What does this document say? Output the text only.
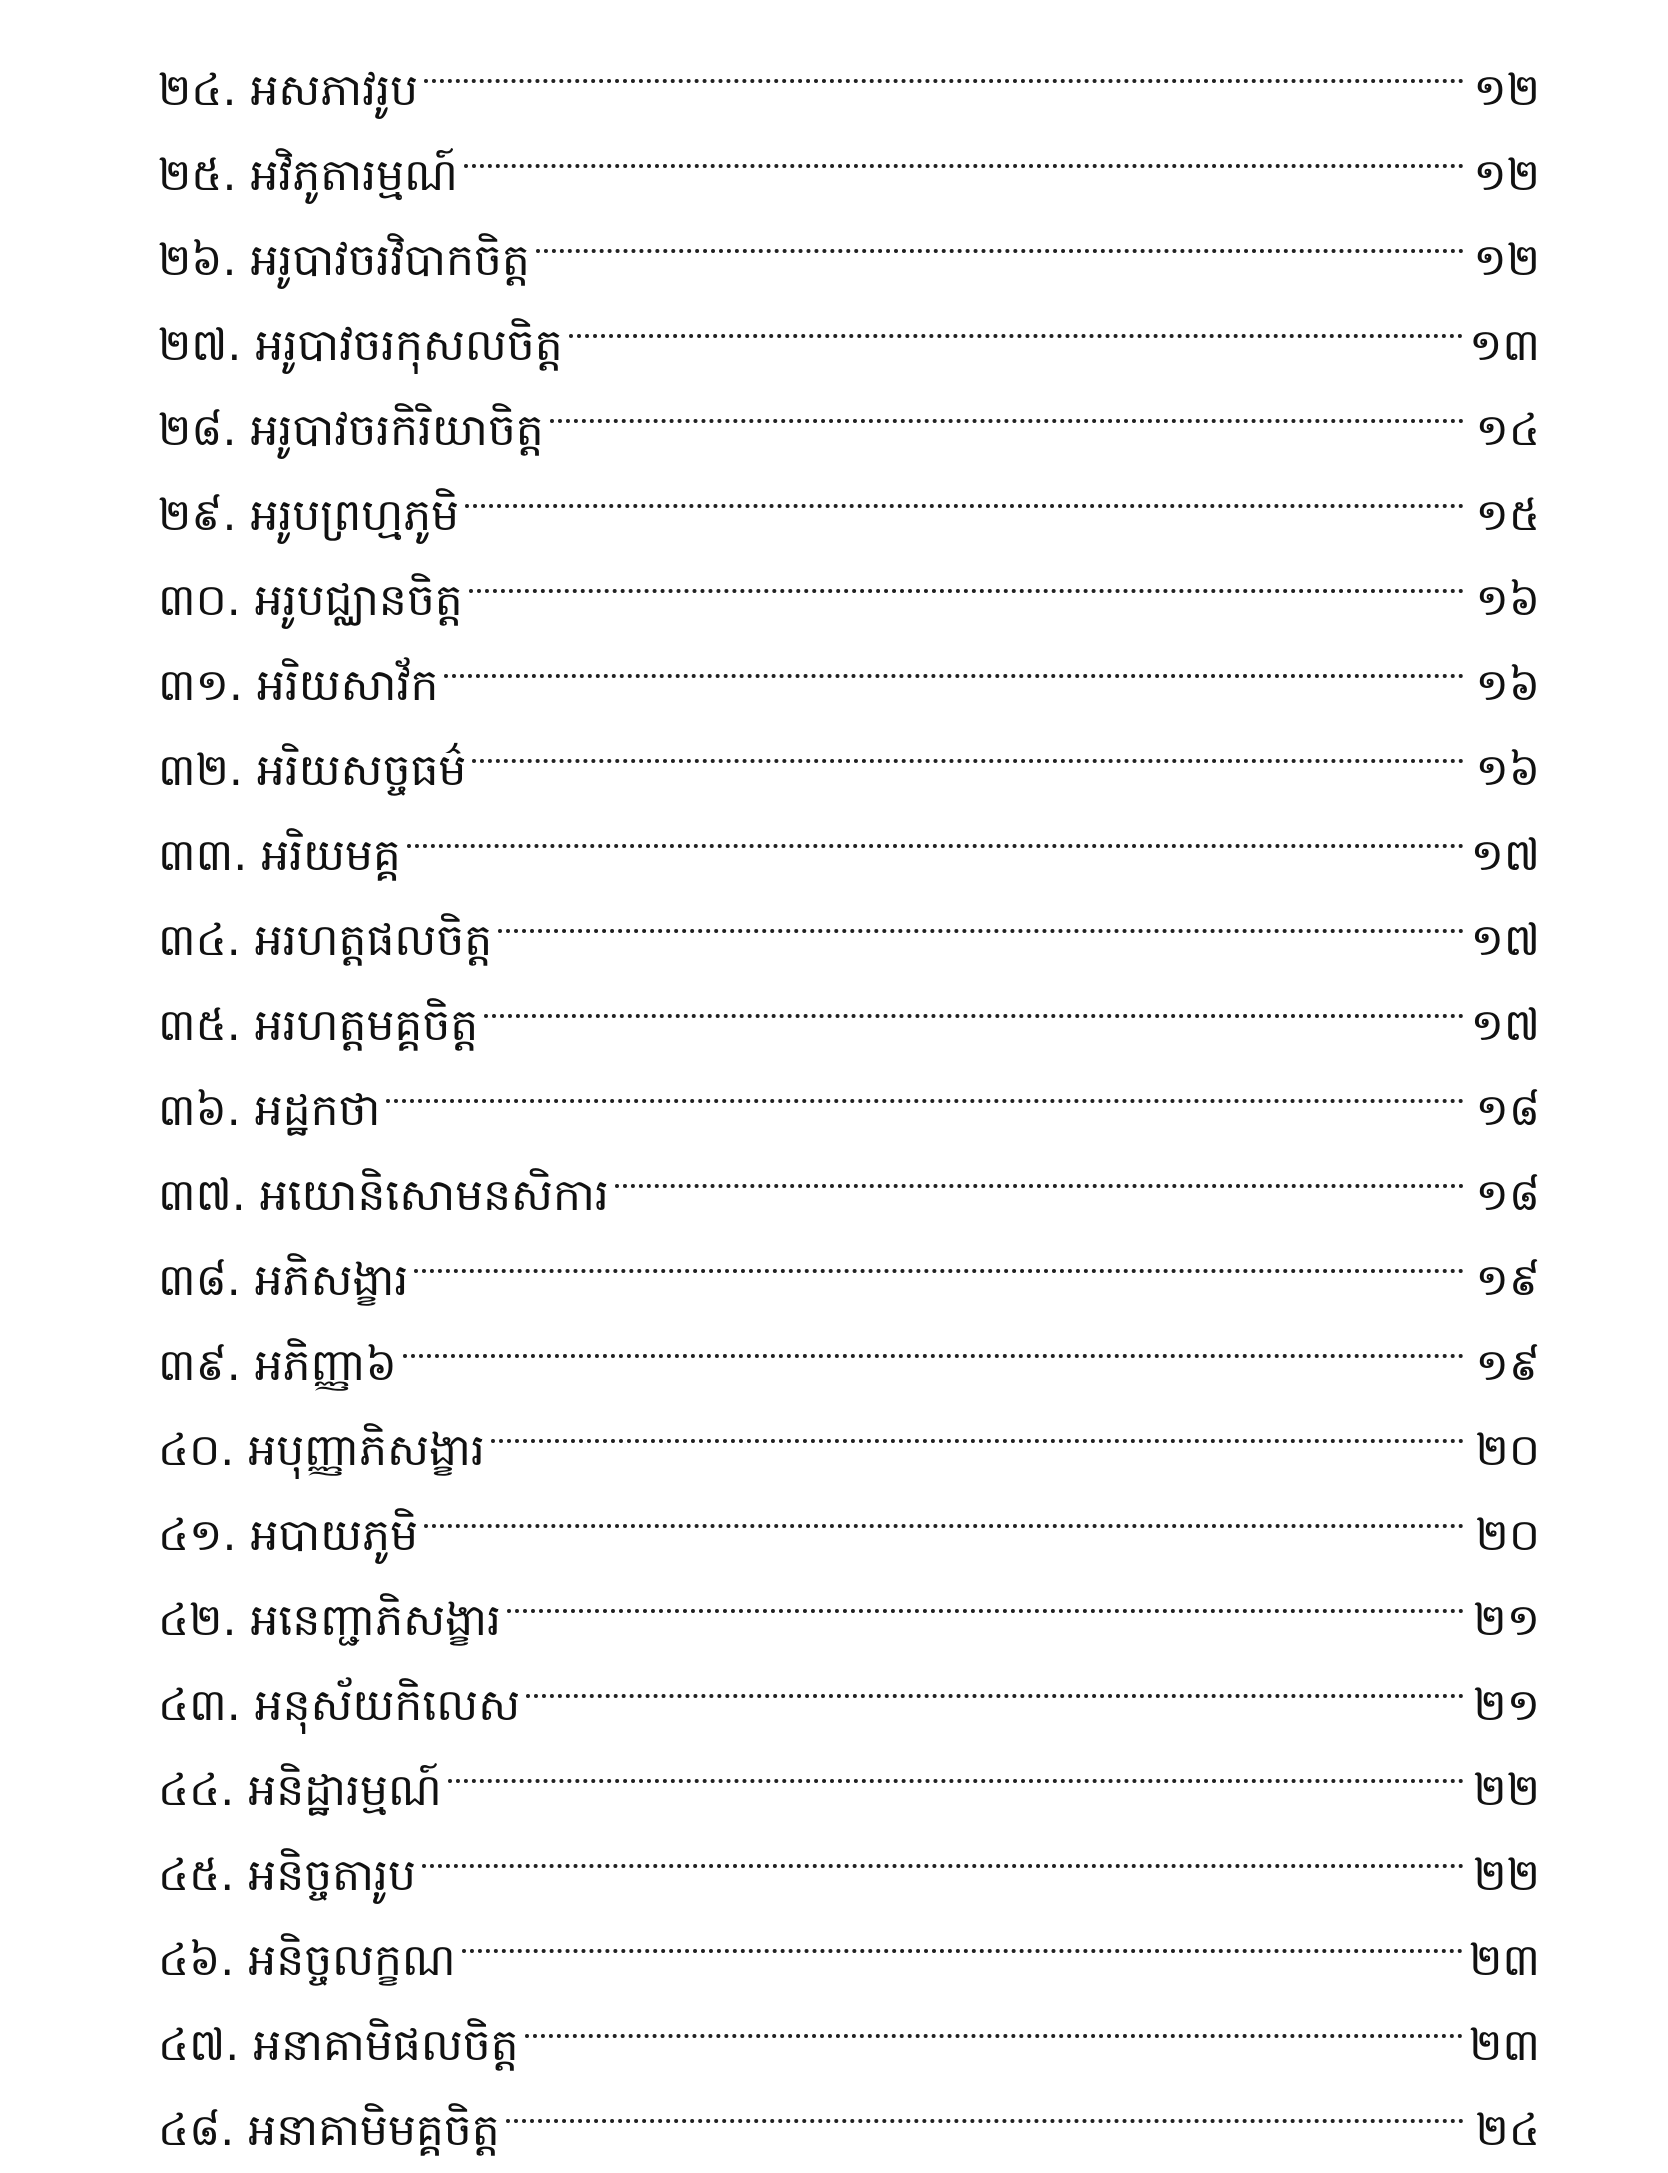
២៤. អសភាវរូប	១២
២៥. អវិភូតារម្មណ៍	១២
២៦. អរូបាវចរវិបាកចិត្ត	១២
២៧. អរូបាវចរកុសលចិត្ត	១៣
២៨. អរូបាវចរកិរិយាចិត្ត	១៤
២៩. អរូបព្រហ្មភូមិ	១៥
៣០. អរូបជ្ឈានចិត្ត	១៦
៣១. អរិយសាវ័ក	១៦
៣២. អរិយសច្ចធម៌	១៦
៣៣. អរិយមគ្គ	១៧
៣៤. អរហត្តផលចិត្ត	១៧
៣៥. អរហត្តមគ្គចិត្ត	១៧
៣៦. អដ្ឋកថា	១៨
៣៧. អយោនិសោមនសិការ	១៨
៣៨. អភិសង្ខារ	១៩
៣៩. អភិញ្ញា៦	១៩
៤០. អបុញ្ញាភិសង្ខារ	២០
៤១. អបាយភូមិ	២០
៤២. អនេញ្ជាភិសង្ខារ	២១
៤៣. អនុស័យកិលេស	២១
៤៤. អនិដ្ឋារម្មណ៍	២២
៤៥. អនិច្ចតារូប	២២
៤៦. អនិច្ចលក្ខណ	២៣
៤៧. អនាគាមិផលចិត្ត	២៣
៤៨. អនាគាមិមគ្គចិត្ត	២៤
